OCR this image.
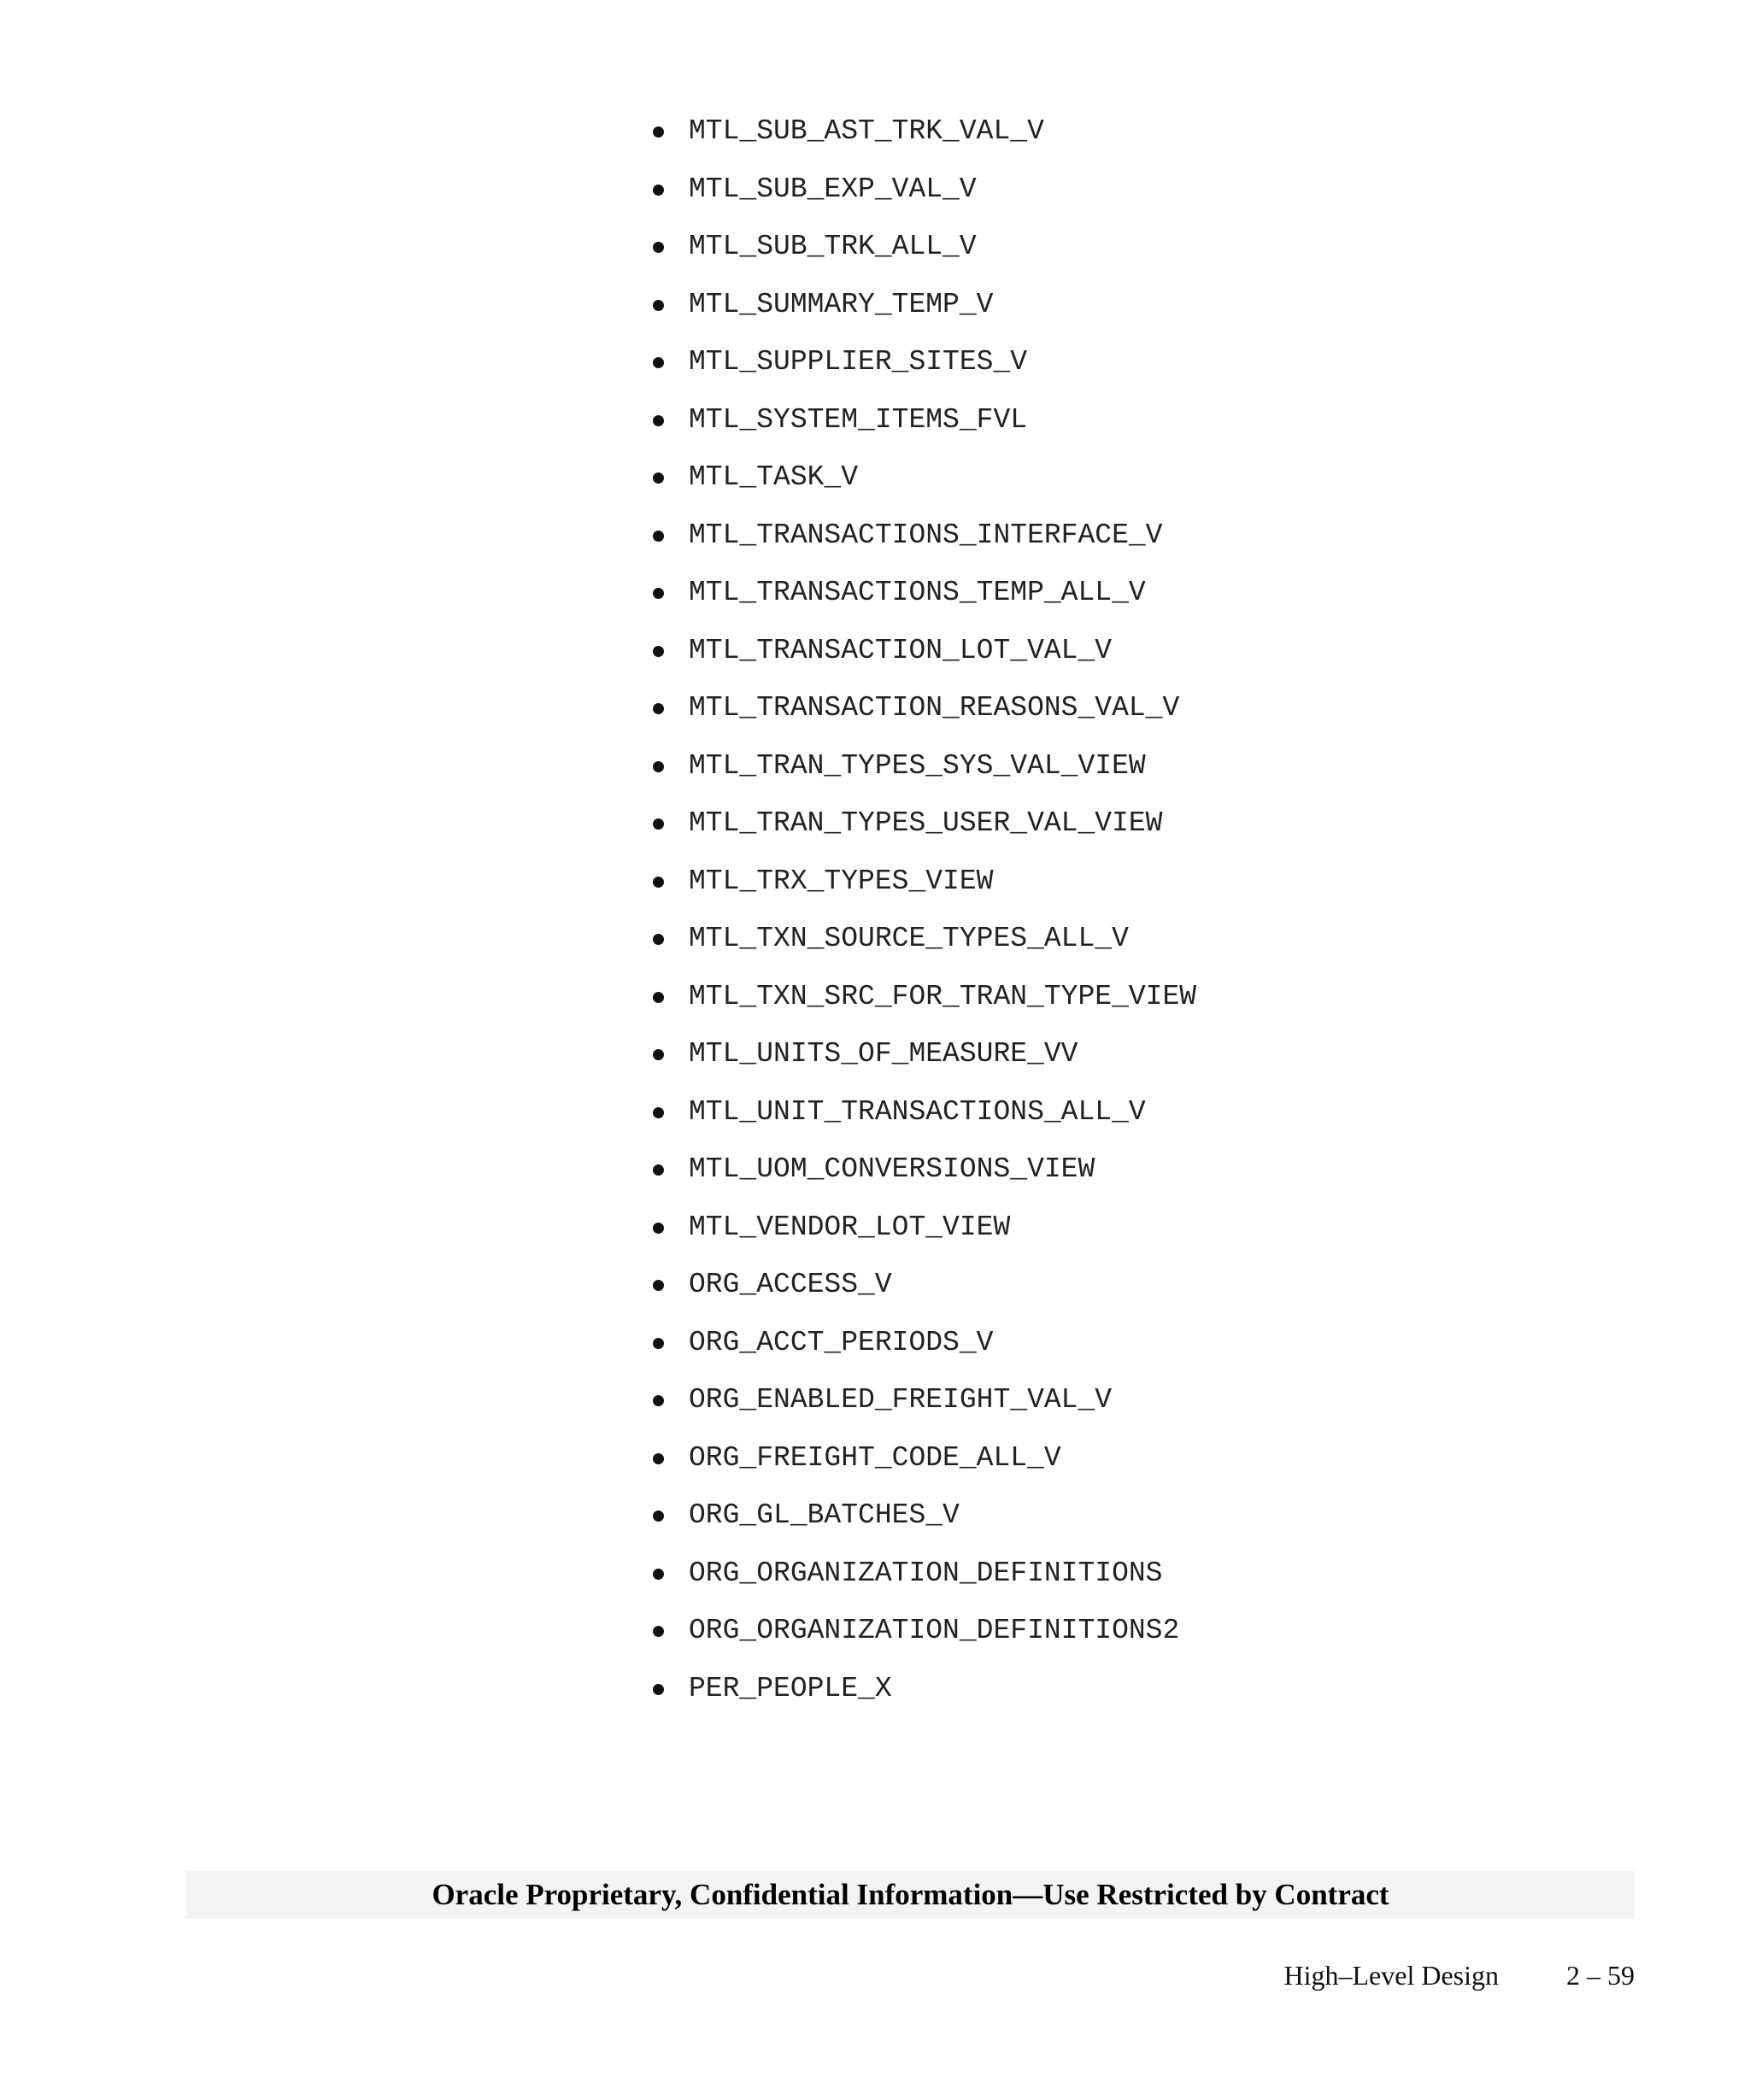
MTL_SUB_AST_TRK_VAL_V
MTL_SUB_EXP_VAL_V
MTL_SUB_TRK_ALL_V
MTL_SUMMARY_TEMP_V
MTL_SUPPLIER_SITES_V
MTL_SYSTEM_ITEMS_FVL
MTL_TASK_V
MTL_TRANSACTIONS_INTERFACE_V
MTL_TRANSACTIONS_TEMP_ALL_V
MTL_TRANSACTION_LOT_VAL_V
MTL_TRANSACTION_REASONS_VAL_V
MTL_TRAN_TYPES_SYS_VAL_VIEW
MTL_TRAN_TYPES_USER_VAL_VIEW
MTL_TRX_TYPES_VIEW
MTL_TXN_SOURCE_TYPES_ALL_V
MTL_TXN_SRC_FOR_TRAN_TYPE_VIEW
MTL_UNITS_OF_MEASURE_VV
MTL_UNIT_TRANSACTIONS_ALL_V
MTL_UOM_CONVERSIONS_VIEW
MTL_VENDOR_LOT_VIEW
ORG_ACCESS_V
ORG_ACCT_PERIODS_V
ORG_ENABLED_FREIGHT_VAL_V
ORG_FREIGHT_CODE_ALL_V
ORG_GL_BATCHES_V
ORG_ORGANIZATION_DEFINITIONS
ORG_ORGANIZATION_DEFINITIONS2
PER_PEOPLE_X
Oracle Proprietary, Confidential Information––Use Restricted by Contract
High–Level Design 2 – 59
